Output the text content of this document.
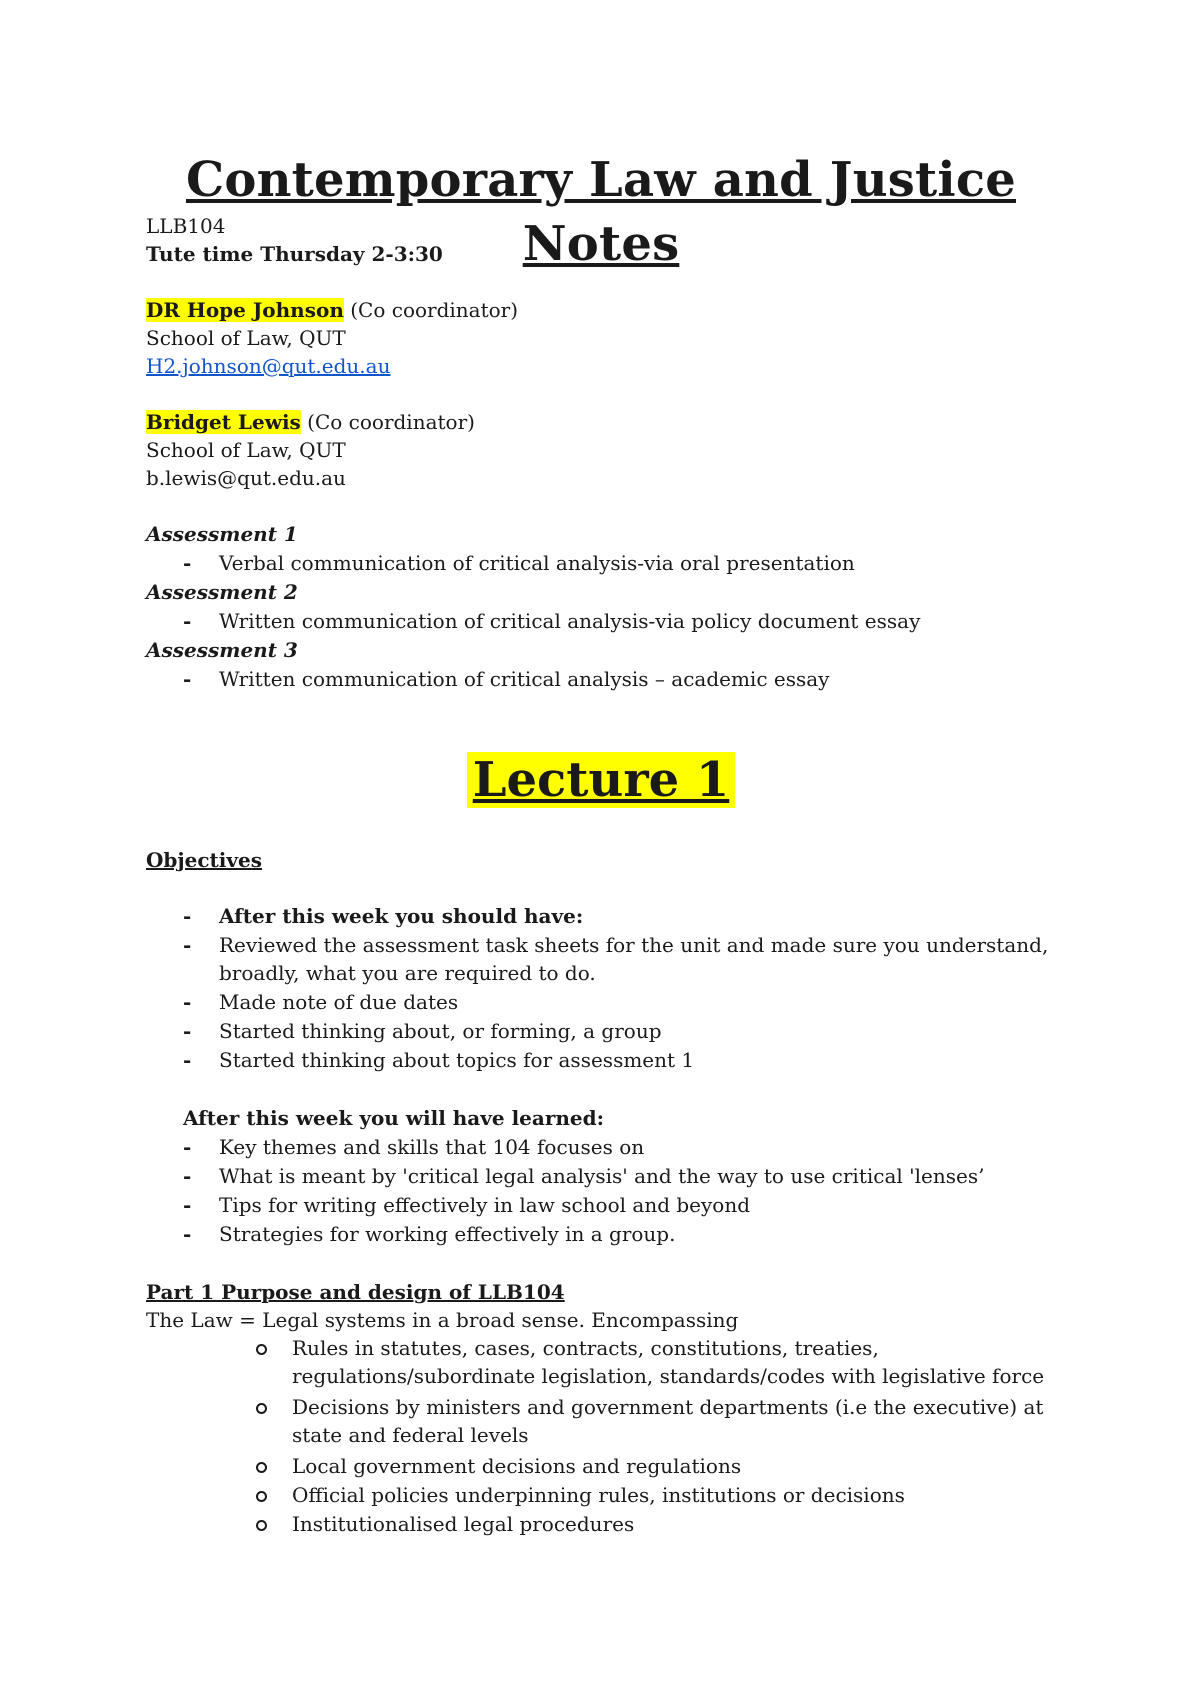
Contemporary Law and Justice Notes
LLB104
Tute time Thursday 2-3:30
DR Hope Johnson (Co coordinator)
School of Law, QUT
H2.johnson@qut.edu.au
Bridget Lewis (Co coordinator)
School of Law, QUT
b.lewis@qut.edu.au
Assessment 1
- Verbal communication of critical analysis-via oral presentation
Assessment 2
- Written communication of critical analysis-via policy document essay
Assessment 3
- Written communication of critical analysis – academic essay
Lecture 1
Objectives
- After this week you should have:
- Reviewed the assessment task sheets for the unit and made sure you understand,
broadly, what you are required to do.
- Made note of due dates
- Started thinking about, or forming, a group
- Started thinking about topics for assessment 1
After this week you will have learned:
- Key themes and skills that 104 focuses on
- What is meant by 'critical legal analysis' and the way to use critical 'lenses’
- Tips for writing effectively in law school and beyond
- Strategies for working effectively in a group.
Part 1 Purpose and design of LLB104
The Law = Legal systems in a broad sense. Encompassing
Rules in statutes, cases, contracts, constitutions, treaties, regulations/subordinate legislation, standards/codes with legislative force
Decisions by ministers and government departments (i.e the executive) at state and federal levels
Local government decisions and regulations
Official policies underpinning rules, institutions or decisions
Institutionalised legal procedures
